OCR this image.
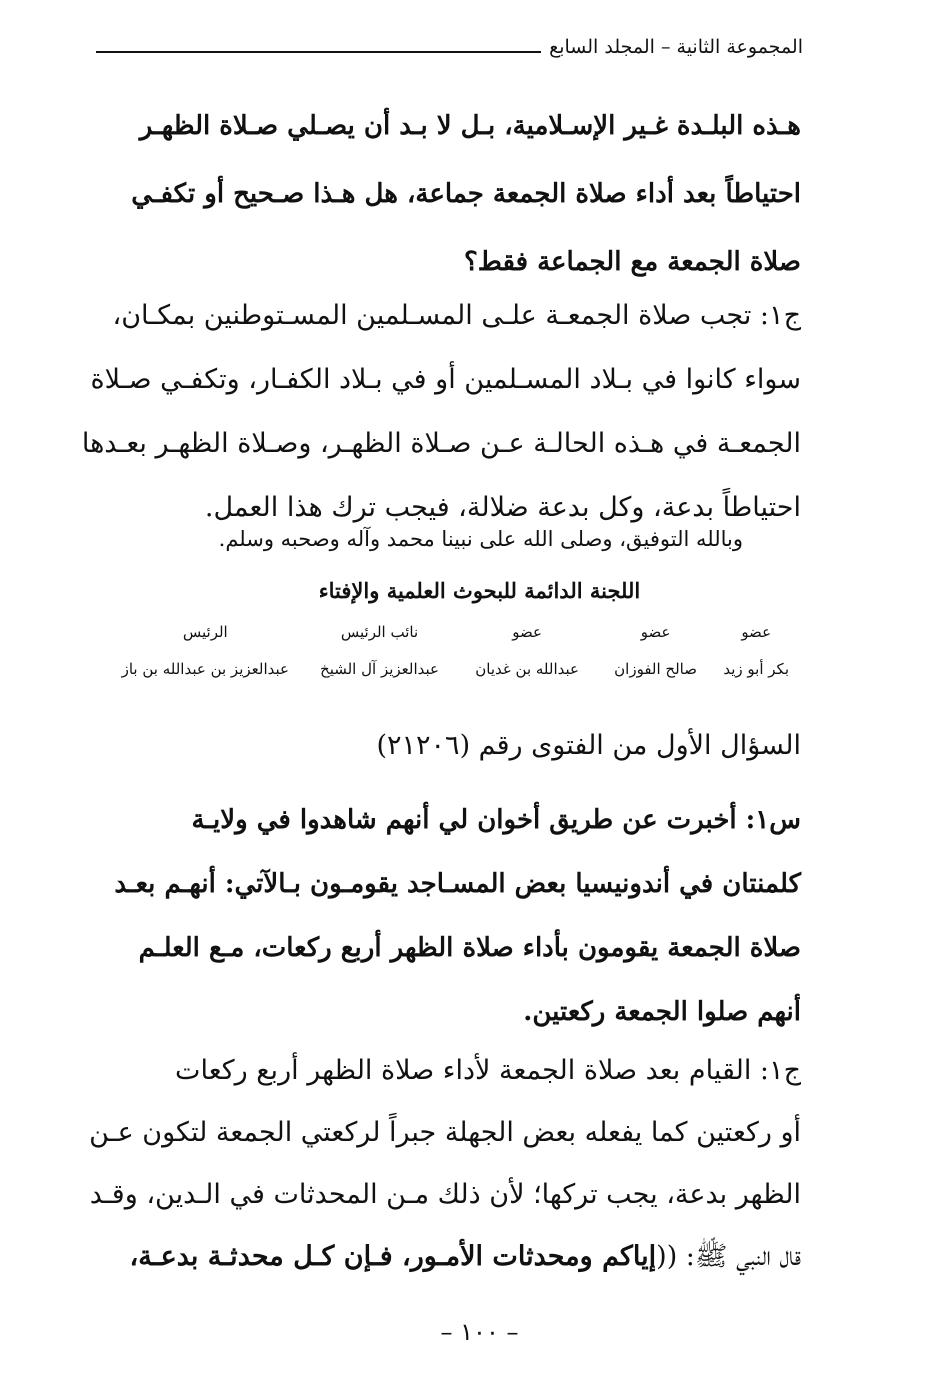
المجموعة الثانية – المجلد السابع
هـذه البلـدة غـير الإسـلامية، بـل لا بـد أن يصـلي صـلاة الظهـر
احتياطاً بعد أداء صلاة الجمعة جماعة، هل هـذا صـحيح أو تكفـي
صلاة الجمعة مع الجماعة فقط؟
ج١: تجب صلاة الجمعـة علـى المسـلمين المسـتوطنين بمكـان،
سواء كانوا في بـلاد المسـلمين أو في بـلاد الكفـار، وتكفـي صـلاة
الجمعـة في هـذه الحالـة عـن صـلاة الظهـر، وصـلاة الظهـر بعـدها
احتياطاً بدعة، وكل بدعة ضلالة، فيجب ترك هذا العمل.
وبالله التوفيق، وصلى الله على نبينا محمد وآله وصحبه وسلم.
اللجنة الدائمة للبحوث العلمية والإفتاء
عضو
بكر أبو زيد
عضو
صالح الفوزان
عضو
عبدالله بن غديان
نائب الرئيس
عبدالعزيز آل الشيخ
الرئيس
عبدالعزيز بن عبدالله بن باز
السؤال الأول من الفتوى رقم (٢١٢٠٦)
س١: أخبرت عن طريق أخوان لي أنهم شاهدوا في ولايـة
كلمنتان في أندونيسيا بعض المسـاجد يقومـون بـالآتي: أنهـم بعـد
صلاة الجمعة يقومون بأداء صلاة الظهر أربع ركعات، مـع العلـم
أنهم صلوا الجمعة ركعتين.
ج١: القيام بعد صلاة الجمعة لأداء صلاة الظهر أربع ركعات
أو ركعتين كما يفعله بعض الجهلة جبراً لركعتي الجمعة لتكون عـن
الظهر بدعة، يجب تركها؛ لأن ذلك مـن المحدثات في الـدين، وقـد
قال النبي ﷺ: ((إياكم ومحدثات الأمـور، فـإن كـل محدثـة بدعـة،
– ١٠٠ –
